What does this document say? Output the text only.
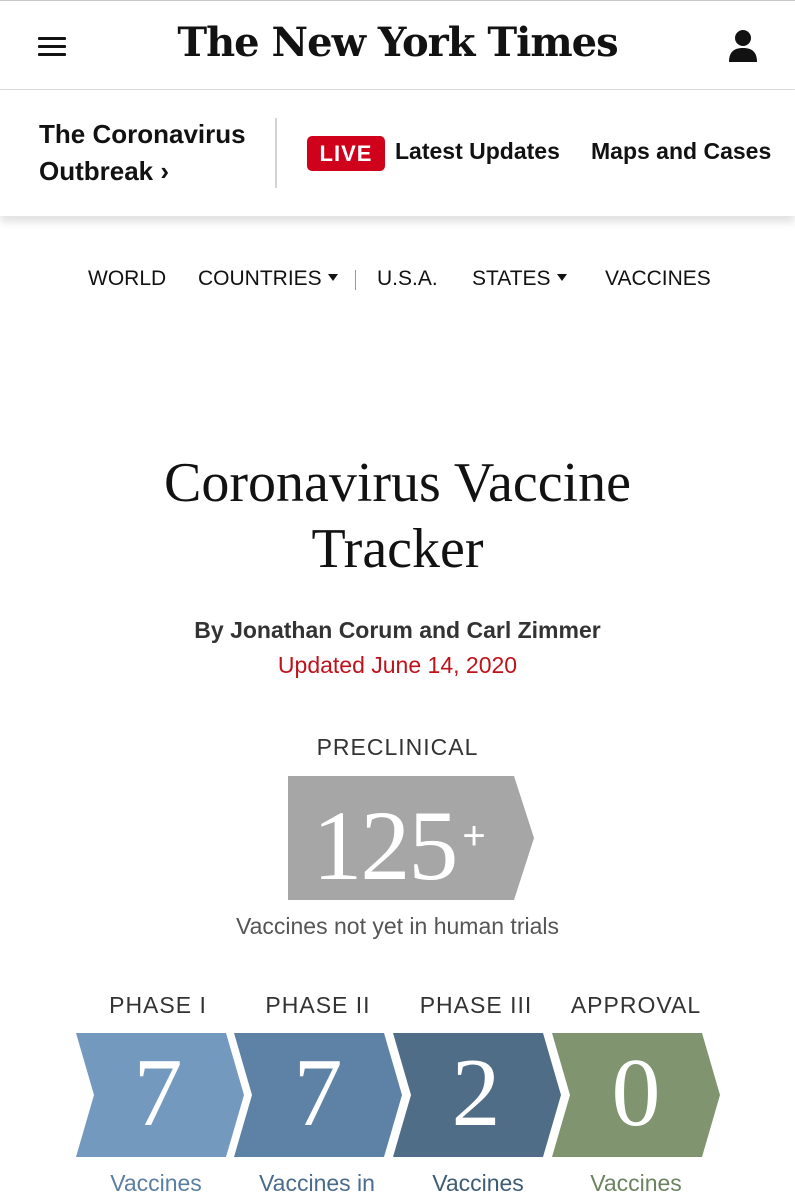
The New York Times
The Coronavirus
Outbreak ›
LIVE Latest Updates Maps and Cases
WORLD COUNTRIES	U.S.A. STATES	VACCINES
Coronavirus Vaccine
Tracker
By Jonathan Corum and Carl Zimmer
Updated June 14, 2020
PRECLINICAL
125 +
Vaccines not yet in human trials
PHASE I	PHASE II	PHASE III	APPROVAL
7	7	2	0
Vaccines	Vaccines in	Vaccines	Vaccines
